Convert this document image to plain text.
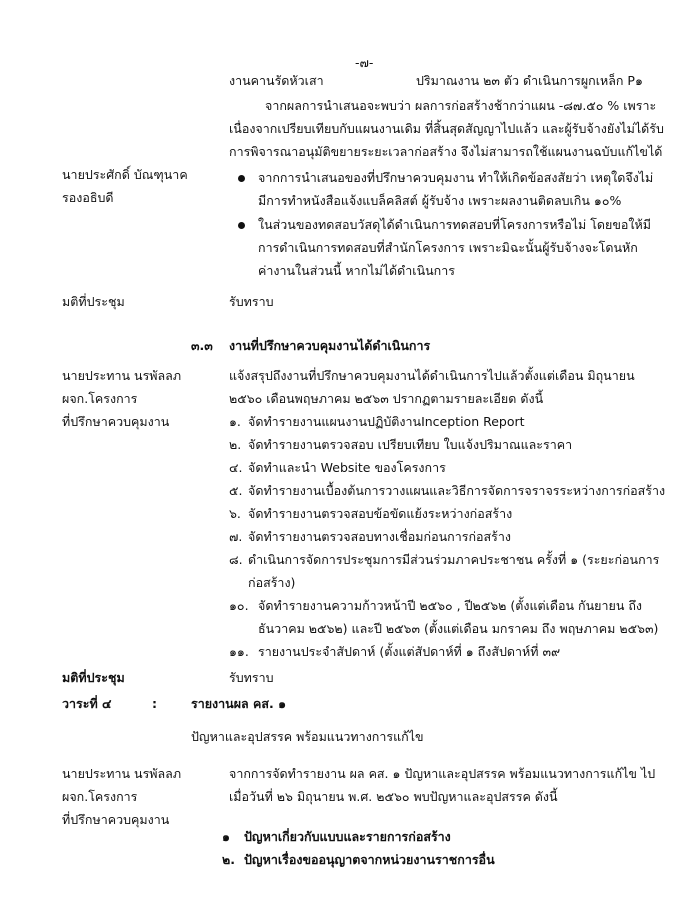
-๗-
งานคานรัดหัวเสา	ปริมาณงาน ๒๓ ตัว ดำเนินการผูกเหล็ก P๑
จากผลการนำเสนอจะพบว่า ผลการก่อสร้างช้ากว่าแผน -๘๗.๕๐ % เพราะ
เนื่องจากเปรียบเทียบกับแผนงานเดิม ที่สิ้นสุดสัญญาไปแล้ว และผู้รับจ้างยังไม่ได้รับ
การพิจารณาอนุมัติขยายระยะเวลาก่อสร้าง จึงไม่สามารถใช้แผนงานฉบับแก้ไขได้
นายประศักดิ์ บัณฑุนาค
รองอธิบดี
จากการนำเสนอของที่ปรึกษาควบคุมงาน ทำให้เกิดข้อสงสัยว่า เหตุใดจึงไม่
มีการทำหนังสือแจ้งแบล็คลิสต์ ผู้รับจ้าง เพราะผลงานติดลบเกิน ๑๐%
ในส่วนของทดสอบวัสดุได้ดำเนินการทดสอบที่โครงการหรือไม่ โดยขอให้มี
การดำเนินการทดสอบที่สำนักโครงการ เพราะมิฉะนั้นผู้รับจ้างจะโดนหัก
ค่างานในส่วนนี้ หากไม่ได้ดำเนินการ
มติที่ประชุม	รับทราบ
๓.๓ งานที่ปรึกษาควบคุมงานได้ดำเนินการ
นายประทาน นรพัลลภ
ผจก.โครงการ
ที่ปรึกษาควบคุมงาน
แจ้งสรุปถึงงานที่ปรึกษาควบคุมงานได้ดำเนินการไปแล้วตั้งแต่เดือน มิถุนายน
๒๕๖๐ เดือนพฤษภาคม ๒๕๖๓ ปรากฏตามรายละเอียด ดังนี้
๑. จัดทำรายงานแผนงานปฏิบัติงานInception Report
๒. จัดทำรายงานตรวจสอบ เปรียบเทียบ ใบแจ้งปริมาณและราคา
๔. จัดทำและนำ Website ของโครงการ
๕. จัดทำรายงานเบื้องต้นการวางแผนและวิธีการจัดการจราจรระหว่างการก่อสร้าง
๖. จัดทำรายงานตรวจสอบข้อขัดแย้งระหว่างก่อสร้าง
๗. จัดทำรายงานตรวจสอบทางเชื่อมก่อนการก่อสร้าง
๘. ดำเนินการจัดการประชุมการมีส่วนร่วมภาคประชาชน ครั้งที่ ๑ (ระยะก่อนการ
ก่อสร้าง)
๑๐. จัดทำรายงานความก้าวหน้าปี ๒๕๖๐ , ปี๒๕๖๒ (ตั้งแต่เดือน กันยายน ถึง
ธันวาคม ๒๕๖๒) และปี ๒๕๖๓ (ตั้งแต่เดือน มกราคม ถึง พฤษภาคม ๒๕๖๓)
๑๑. รายงานประจำสัปดาห์ (ตั้งแต่สัปดาห์ที่ ๑ ถึงสัปดาห์ที่ ๓๙
มติที่ประชุม	รับทราบ
วาระที่ ๔	:	รายงานผล คส. ๑
ปัญหาและอุปสรรค พร้อมแนวทางการแก้ไข
นายประทาน นรพัลลภ
ผจก.โครงการ
ที่ปรึกษาควบคุมงาน
จากการจัดทำรายงาน ผล คส. ๑ ปัญหาและอุปสรรค พร้อมแนวทางการแก้ไข ไป
เมื่อวันที่ ๒๖ มิถุนายน พ.ศ. ๒๕๖๐ พบปัญหาและอุปสรรค ดังนี้
๑ ปัญหาเกี่ยวกับแบบและรายการก่อสร้าง
๒. ปัญหาเรื่องขออนุญาตจากหน่วยงานราชการอื่น
